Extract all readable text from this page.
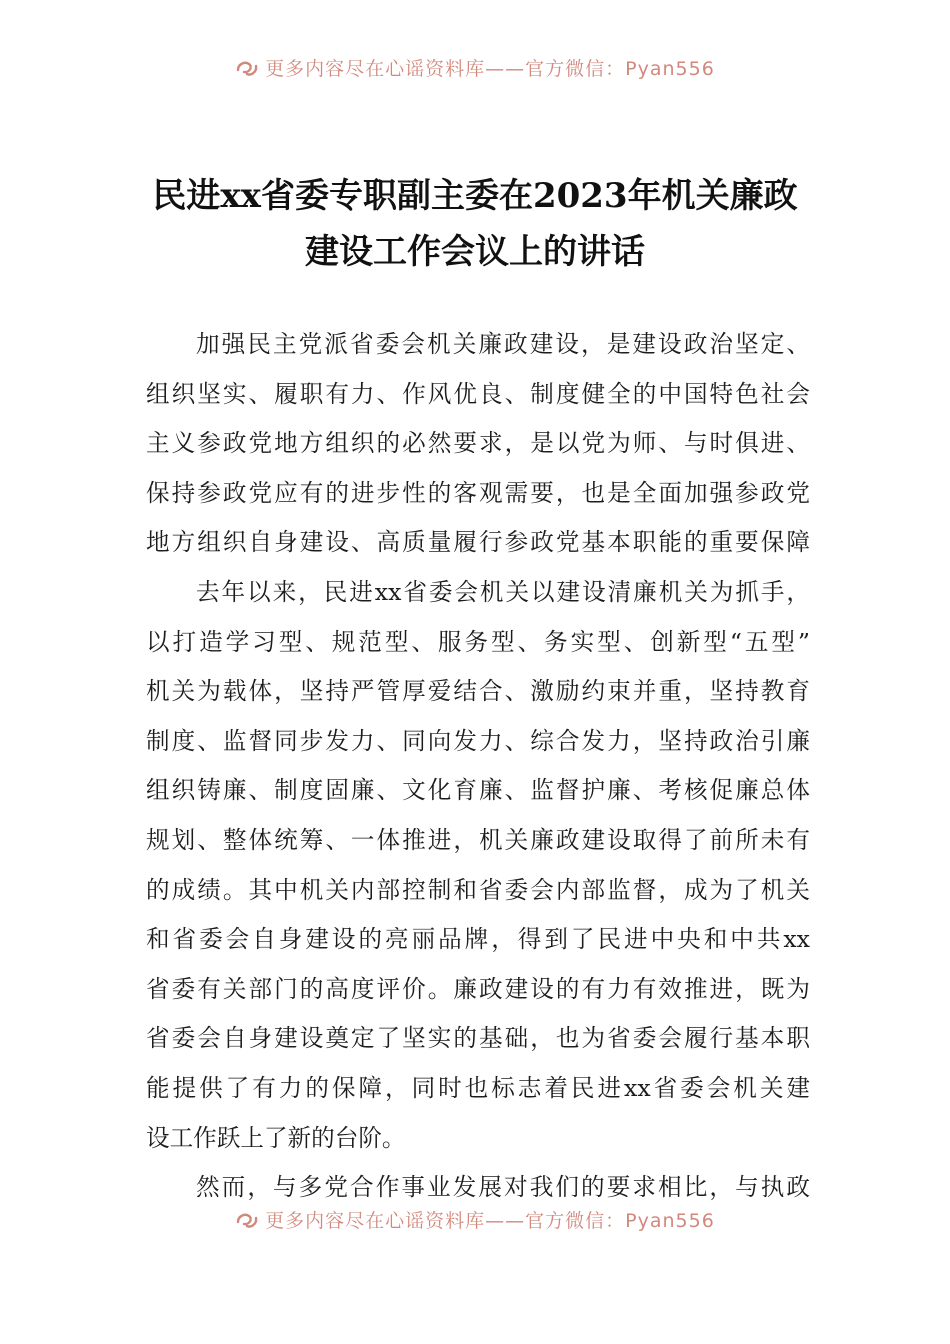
更多内容尽在心谣资料库——官方微信：Pyan556
民进xx省委专职副主委在2023年机关廉政
建设工作会议上的讲话
加强民主党派省委会机关廉政建设，是建设政治坚定、
组织坚实、履职有力、作风优良、制度健全的中国特色社会
主义参政党地方组织的必然要求，是以党为师、与时俱进、
保持参政党应有的进步性的客观需要，也是全面加强参政党
地方组织自身建设、高质量履行参政党基本职能的重要保障
去年以来，民进xx省委会机关以建设清廉机关为抓手，
以打造学习型、规范型、服务型、务实型、创新型“五型”
机关为载体，坚持严管厚爱结合、激励约束并重，坚持教育
制度、监督同步发力、同向发力、综合发力，坚持政治引廉
组织铸廉、制度固廉、文化育廉、监督护廉、考核促廉总体
规划、整体统筹、一体推进，机关廉政建设取得了前所未有
的成绩。其中机关内部控制和省委会内部监督，成为了机关
和省委会自身建设的亮丽品牌，得到了民进中央和中共xx
省委有关部门的高度评价。廉政建设的有力有效推进，既为
省委会自身建设奠定了坚实的基础，也为省委会履行基本职
能提供了有力的保障，同时也标志着民进xx省委会机关建
设工作跃上了新的台阶。
然而，与多党合作事业发展对我们的要求相比，与执政
更多内容尽在心谣资料库——官方微信：Pyan556
